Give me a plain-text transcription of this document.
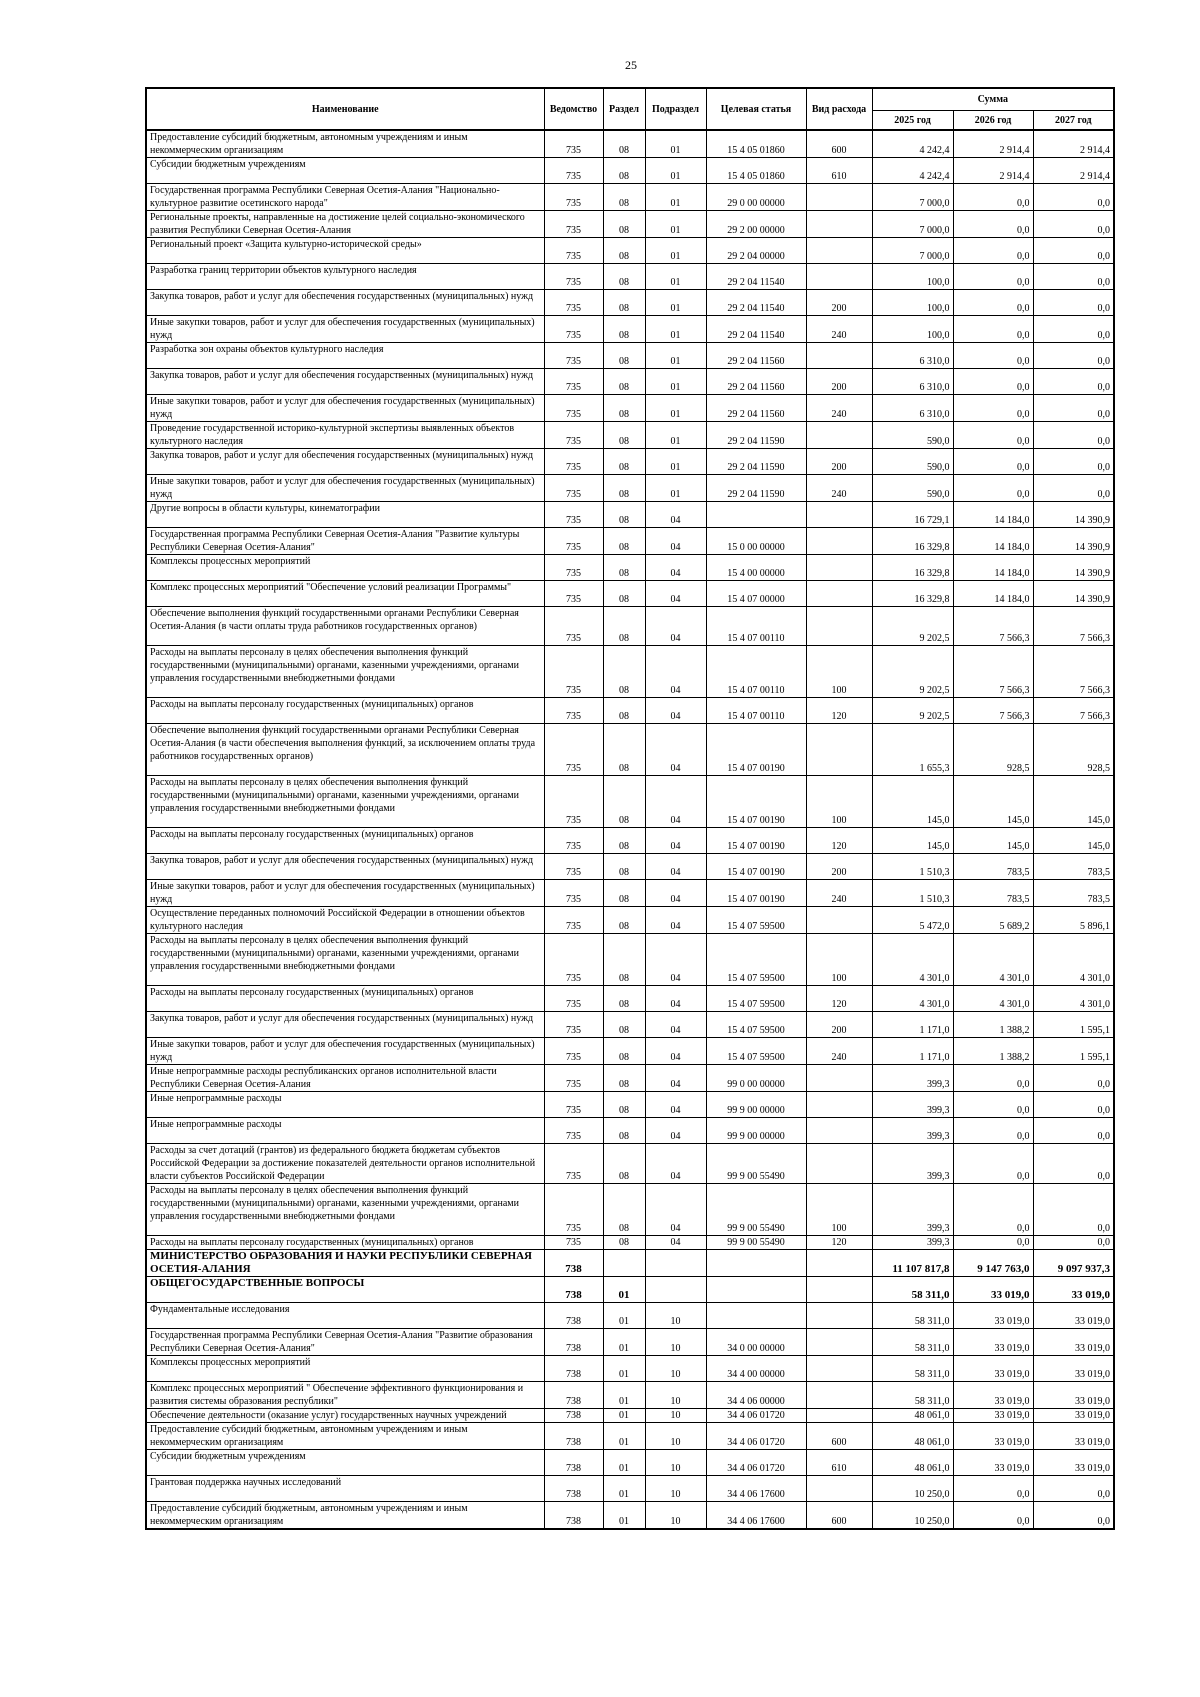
25
Наименование	Ведомство	Раздел	Подраздел	Целевая статья	Вид расхода	Сумма		
						2025 год	2026 год	2027 год
Предоставление субсидий бюджетным, автономным учреждениям и иным некоммерческим организациям	735	08	01	15 4 05 01860	600	4 242,4	2 914,4	2 914,4
Субсидии бюджетным учреждениям	735	08	01	15 4 05 01860	610	4 242,4	2 914,4	2 914,4
Государственная программа Республики Северная Осетия-Алания "Национально-культурное развитие осетинского народа"	735	08	01	29 0 00 00000		7 000,0	0,0	0,0
Региональные проекты, направленные на достижение целей социально-экономического развития Республики Северная Осетия-Алания	735	08	01	29 2 00 00000		7 000,0	0,0	0,0
Региональный проект «Защита культурно-исторической среды»	735	08	01	29 2 04 00000		7 000,0	0,0	0,0
Разработка границ территории объектов культурного наследия	735	08	01	29 2 04 11540		100,0	0,0	0,0
Закупка товаров, работ и услуг для обеспечения государственных (муниципальных) нужд	735	08	01	29 2 04 11540	200	100,0	0,0	0,0
Иные закупки товаров, работ и услуг для обеспечения государственных (муниципальных) нужд	735	08	01	29 2 04 11540	240	100,0	0,0	0,0
Разработка зон охраны объектов культурного наследия	735	08	01	29 2 04 11560		6 310,0	0,0	0,0
Закупка товаров, работ и услуг для обеспечения государственных (муниципальных) нужд	735	08	01	29 2 04 11560	200	6 310,0	0,0	0,0
Иные закупки товаров, работ и услуг для обеспечения государственных (муниципальных) нужд	735	08	01	29 2 04 11560	240	6 310,0	0,0	0,0
Проведение государственной историко-культурной экспертизы выявленных объектов культурного наследия	735	08	01	29 2 04 11590		590,0	0,0	0,0
Закупка товаров, работ и услуг для обеспечения государственных (муниципальных) нужд	735	08	01	29 2 04 11590	200	590,0	0,0	0,0
Иные закупки товаров, работ и услуг для обеспечения государственных (муниципальных) нужд	735	08	01	29 2 04 11590	240	590,0	0,0	0,0
Другие вопросы в области культуры, кинематографии	735	08	04			16 729,1	14 184,0	14 390,9
Государственная программа Республики Северная Осетия-Алания "Развитие культуры Республики Северная Осетия-Алания"	735	08	04	15 0 00 00000		16 329,8	14 184,0	14 390,9
Комплексы процессных мероприятий	735	08	04	15 4 00 00000		16 329,8	14 184,0	14 390,9
Комплекс процессных мероприятий "Обеспечение условий реализации Программы"	735	08	04	15 4 07 00000		16 329,8	14 184,0	14 390,9
Обеспечение выполнения функций государственными органами Республики Северная Осетия-Алания (в части оплаты труда работников государственных органов)	735	08	04	15 4 07 00110		9 202,5	7 566,3	7 566,3
Расходы на выплаты персоналу в целях обеспечения выполнения функций государственными (муниципальными) органами, казенными учреждениями, органами управления государственными внебюджетными фондами	735	08	04	15 4 07 00110	100	9 202,5	7 566,3	7 566,3
Расходы на выплаты персоналу государственных (муниципальных) органов	735	08	04	15 4 07 00110	120	9 202,5	7 566,3	7 566,3
Обеспечение выполнения функций государственными органами Республики Северная Осетия-Алания (в части обеспечения выполнения функций, за исключением оплаты труда работников государственных органов)	735	08	04	15 4 07 00190		1 655,3	928,5	928,5
Расходы на выплаты персоналу в целях обеспечения выполнения функций государственными (муниципальными) органами, казенными учреждениями, органами управления государственными внебюджетными фондами	735	08	04	15 4 07 00190	100	145,0	145,0	145,0
Расходы на выплаты персоналу государственных (муниципальных) органов	735	08	04	15 4 07 00190	120	145,0	145,0	145,0
Закупка товаров, работ и услуг для обеспечения государственных (муниципальных) нужд	735	08	04	15 4 07 00190	200	1 510,3	783,5	783,5
Иные закупки товаров, работ и услуг для обеспечения государственных (муниципальных) нужд	735	08	04	15 4 07 00190	240	1 510,3	783,5	783,5
Осуществление переданных полномочий Российской Федерации в отношении объектов культурного наследия	735	08	04	15 4 07 59500		5 472,0	5 689,2	5 896,1
Расходы на выплаты персоналу в целях обеспечения выполнения функций государственными (муниципальными) органами, казенными учреждениями, органами управления государственными внебюджетными фондами	735	08	04	15 4 07 59500	100	4 301,0	4 301,0	4 301,0
Расходы на выплаты персоналу государственных (муниципальных) органов	735	08	04	15 4 07 59500	120	4 301,0	4 301,0	4 301,0
Закупка товаров, работ и услуг для обеспечения государственных (муниципальных) нужд	735	08	04	15 4 07 59500	200	1 171,0	1 388,2	1 595,1
Иные закупки товаров, работ и услуг для обеспечения государственных (муниципальных) нужд	735	08	04	15 4 07 59500	240	1 171,0	1 388,2	1 595,1
Иные непрограммные расходы республиканских органов исполнительной власти Республики Северная Осетия-Алания	735	08	04	99 0 00 00000		399,3	0,0	0,0
Иные непрограммные расходы	735	08	04	99 9 00 00000		399,3	0,0	0,0
Иные непрограммные расходы	735	08	04	99 9 00 00000		399,3	0,0	0,0
Расходы за счет дотаций (грантов) из федерального бюджета бюджетам субъектов Российской Федерации за достижение показателей деятельности органов исполнительной власти субъектов Российской Федерации	735	08	04	99 9 00 55490		399,3	0,0	0,0
Расходы на выплаты персоналу в целях обеспечения выполнения функций государственными (муниципальными) органами, казенными учреждениями, органами управления государственными внебюджетными фондами	735	08	04	99 9 00 55490	100	399,3	0,0	0,0
Расходы на выплаты персоналу государственных (муниципальных) органов	735	08	04	99 9 00 55490	120	399,3	0,0	0,0
МИНИСТЕРСТВО ОБРАЗОВАНИЯ И НАУКИ РЕСПУБЛИКИ СЕВЕРНАЯ ОСЕТИЯ-АЛАНИЯ	738					11 107 817,8	9 147 763,0	9 097 937,3
ОБЩЕГОСУДАРСТВЕННЫЕ ВОПРОСЫ	738	01				58 311,0	33 019,0	33 019,0
Фундаментальные исследования	738	01	10			58 311,0	33 019,0	33 019,0
Государственная программа Республики Северная Осетия-Алания "Развитие образования Республики Северная Осетия-Алания"	738	01	10	34 0 00 00000		58 311,0	33 019,0	33 019,0
Комплексы процессных мероприятий	738	01	10	34 4 00 00000		58 311,0	33 019,0	33 019,0
Комплекс процессных мероприятий " Обеспечение эффективного функционирования и развития системы образования республики"	738	01	10	34 4 06 00000		58 311,0	33 019,0	33 019,0
Обеспечение деятельности (оказание услуг) государственных научных учреждений	738	01	10	34 4 06 01720		48 061,0	33 019,0	33 019,0
Предоставление субсидий бюджетным, автономным учреждениям и иным некоммерческим организациям	738	01	10	34 4 06 01720	600	48 061,0	33 019,0	33 019,0
Субсидии бюджетным учреждениям	738	01	10	34 4 06 01720	610	48 061,0	33 019,0	33 019,0
Грантовая поддержка научных исследований	738	01	10	34 4 06 17600		10 250,0	0,0	0,0
Предоставление субсидий бюджетным, автономным учреждениям и иным некоммерческим организациям	738	01	10	34 4 06 17600	600	10 250,0	0,0	0,0
